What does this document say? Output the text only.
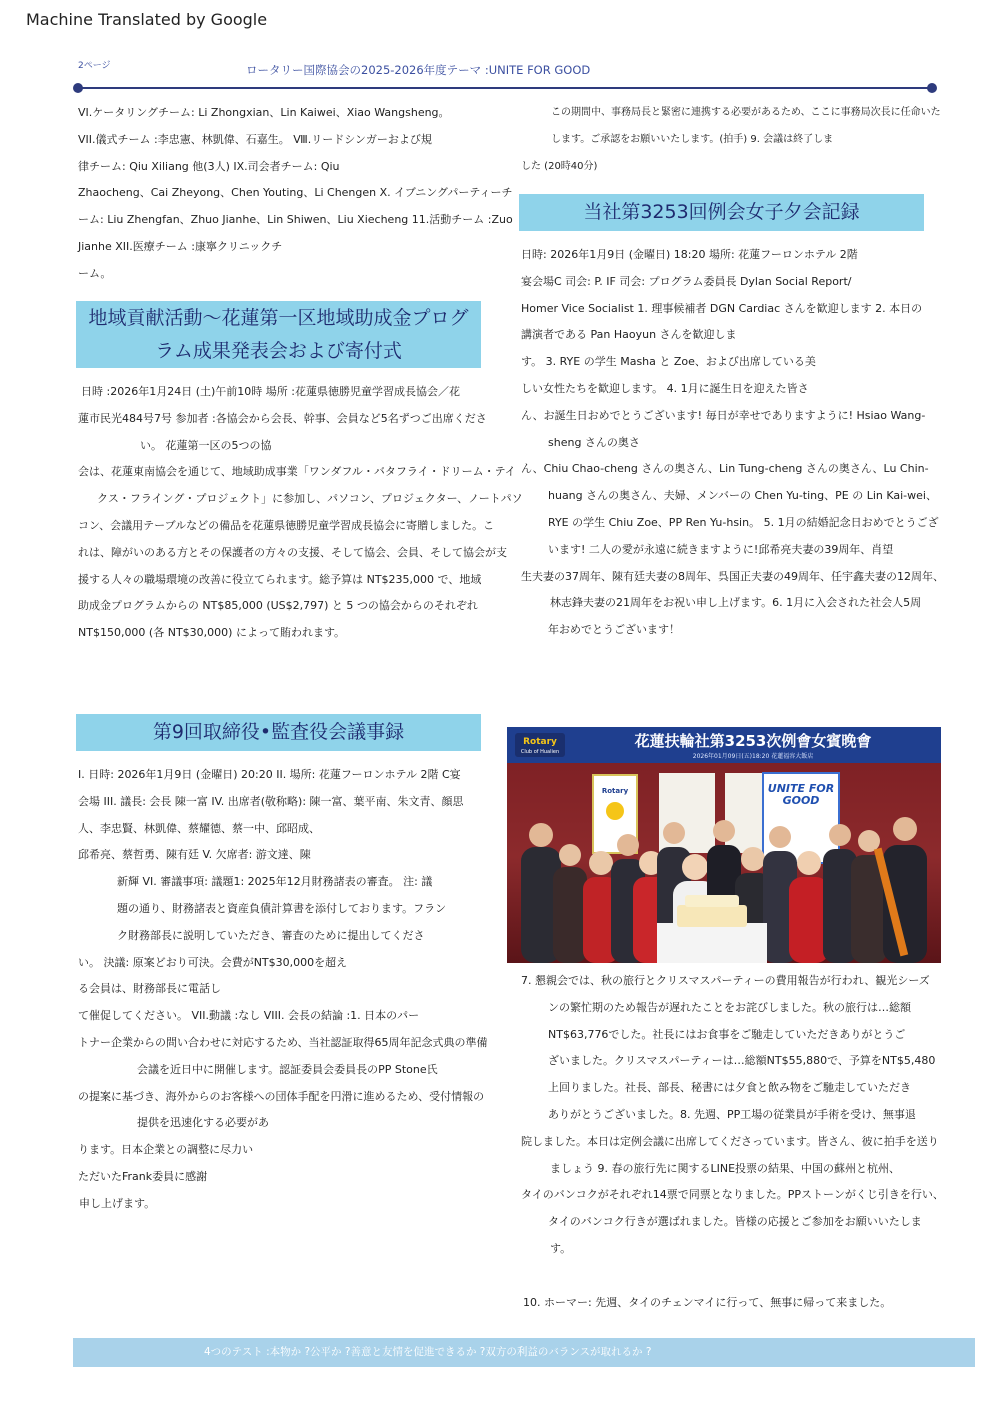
Machine Translated by Google
2ページ	ロータリー国際協会の2025-2026年度テーマ :UNITE FOR GOOD
VI.ケータリングチーム: Li Zhongxian、Lin Kaiwei、Xiao Wangsheng。
VII.儀式チーム :李忠憲、林凱偉、石嘉生。 Ⅷ.リードシンガーおよび規
律チーム: Qiu Xiliang 他(3人) IX.司会者チーム: Qiu
Zhaocheng、Cai Zheyong、Chen Youting、Li Chengen X. イブニングパーティーチ
ーム: Liu Zhengfan、Zhuo Jianhe、Lin Shiwen、Liu Xiecheng 11.活動チーム :Zuo
Jianhe XII.医療チーム :康寧クリニックチ
ーム。
地域貢献活動～花蓮第一区地域助成金プログ
ラム成果発表会および寄付式
日時 :2026年1月24日 (土)午前10時 場所 :花蓮県徳勝児童学習成長協会／花
蓮市民光484号7号 参加者 :各協会から会長、幹事、会員など5名ずつご出席くださ
い。 花蓮第一区の5つの協
会は、花蓮東南協会を通じて、地域助成事業「ワンダフル・バタフライ・ドリーム・テイ
クス・フライング・プロジェクト」に参加し、パソコン、プロジェクター、ノートパソ
コン、会議用テーブルなどの備品を花蓮県徳勝児童学習成長協会に寄贈しました。こ
れは、障がいのある方とその保護者の方々の支援、そして協会、会員、そして協会が支
援する人々の職場環境の改善に役立てられます。総予算は NT$235,000 で、地域
助成金プログラムからの NT$85,000 (US$2,797) と 5 つの協会からのそれぞれ
NT$150,000 (各 NT$30,000) によって賄われます。
第9回取締役•監査役会議事録
I. 日時: 2026年1月9日 (金曜日) 20:20 II. 場所: 花蓮フーロンホテル 2階 C宴
会場 III. 議長: 会長 陳一富 IV. 出席者(敬称略): 陳一富、葉平南、朱文青、顔思
人、李忠賢、林凱偉、蔡耀德、蔡一中、邱昭成、
邱希亮、蔡哲勇、陳有廷 V. 欠席者: 游文達、陳
新輝 VI. 審議事項: 議題1: 2025年12月財務諸表の審査。 注: 議
題の通り、財務諸表と資産負債計算書を添付しております。フラン
ク財務部長に説明していただき、審査のために提出してくださ
い。 決議: 原案どおり可決。会費がNT$30,000を超え
る会員は、財務部長に電話し
て催促してください。 VII.動議 :なし VIII. 会長の結論 :1. 日本のパー
トナー企業からの問い合わせに対応するため、当社認証取得65周年記念式典の準備
会議を近日中に開催します。認証委員会委員長のPP Stone氏
の提案に基づき、海外からのお客様への団体手配を円滑に進めるため、受付情報の
提供を迅速化する必要があ
ります。日本企業との調整に尽力い
ただいたFrank委員に感謝
申し上げます。
この期間中、事務局長と緊密に連携する必要があるため、ここに事務局次長に任命いた
します。ご承認をお願いいたします。(拍手) 9. 会議は終了しま
した (20時40分)
当社第3253回例会女子夕会記録
日時: 2026年1月9日 (金曜日) 18:20 場所: 花蓮フーロンホテル 2階
宴会場C 司会: P. IF 司会: プログラム委員長 Dylan Social Report/
Homer Vice Socialist 1. 理事候補者 DGN Cardiac さんを歓迎します 2. 本日の
講演者である Pan Haoyun さんを歓迎しま
す。 3. RYE の学生 Masha と Zoe、および出席している美
しい女性たちを歓迎します。 4. 1月に誕生日を迎えた皆さ
ん、お誕生日おめでとうございます! 毎日が幸せでありますように! Hsiao Wang-
sheng さんの奥さ
ん、Chiu Chao-cheng さんの奥さん、Lin Tung-cheng さんの奥さん、Lu Chin-
huang さんの奥さん、夫婦、メンバーの Chen Yu-ting、PE の Lin Kai-wei、
RYE の学生 Chiu Zoe、PP Ren Yu-hsin。 5. 1月の結婚記念日おめでとうござ
います! 二人の愛が永遠に続きますように!邱希亮夫妻の39周年、肖望
生夫妻の37周年、陳有廷夫妻の8周年、呉国正夫妻の49周年、任宇鑫夫妻の12周年、
林志鋒夫妻の21周年をお祝い申し上げます。6. 1月に入会された社会人5周
年おめでとうございます！
Rotary
Club of Hualien
花蓮扶輪社第3253次例會女賓晚會
2026年01月09日(五)18:20 花蓮福容大飯店
Rotary	UNITE FOR GOOD
7. 懇親会では、秋の旅行とクリスマスパーティーの費用報告が行われ、観光シーズ
ンの繁忙期のため報告が遅れたことをお詫びしました。秋の旅行は…総額
NT$63,776でした。社長にはお食事をご馳走していただきありがとうご
ざいました。クリスマスパーティーは…総額NT$55,880で、予算をNT$5,480
上回りました。社長、部長、秘書には夕食と飲み物をご馳走していただき
ありがとうございました。8. 先週、PP工場の従業員が手術を受け、無事退
院しました。本日は定例会議に出席してくださっています。皆さん、彼に拍手を送り
ましょう 9. 春の旅行先に関するLINE投票の結果、中国の蘇州と杭州、
タイのバンコクがそれぞれ14票で同票となりました。PPストーンがくじ引きを行い、
タイのバンコク行きが選ばれました。皆様の応援とご参加をお願いいたしま
す。
10. ホーマー: 先週、タイのチェンマイに行って、無事に帰って来ました。
4つのテスト :本物か ?公平か ?善意と友情を促進できるか ?双方の利益のバランスが取れるか ?
